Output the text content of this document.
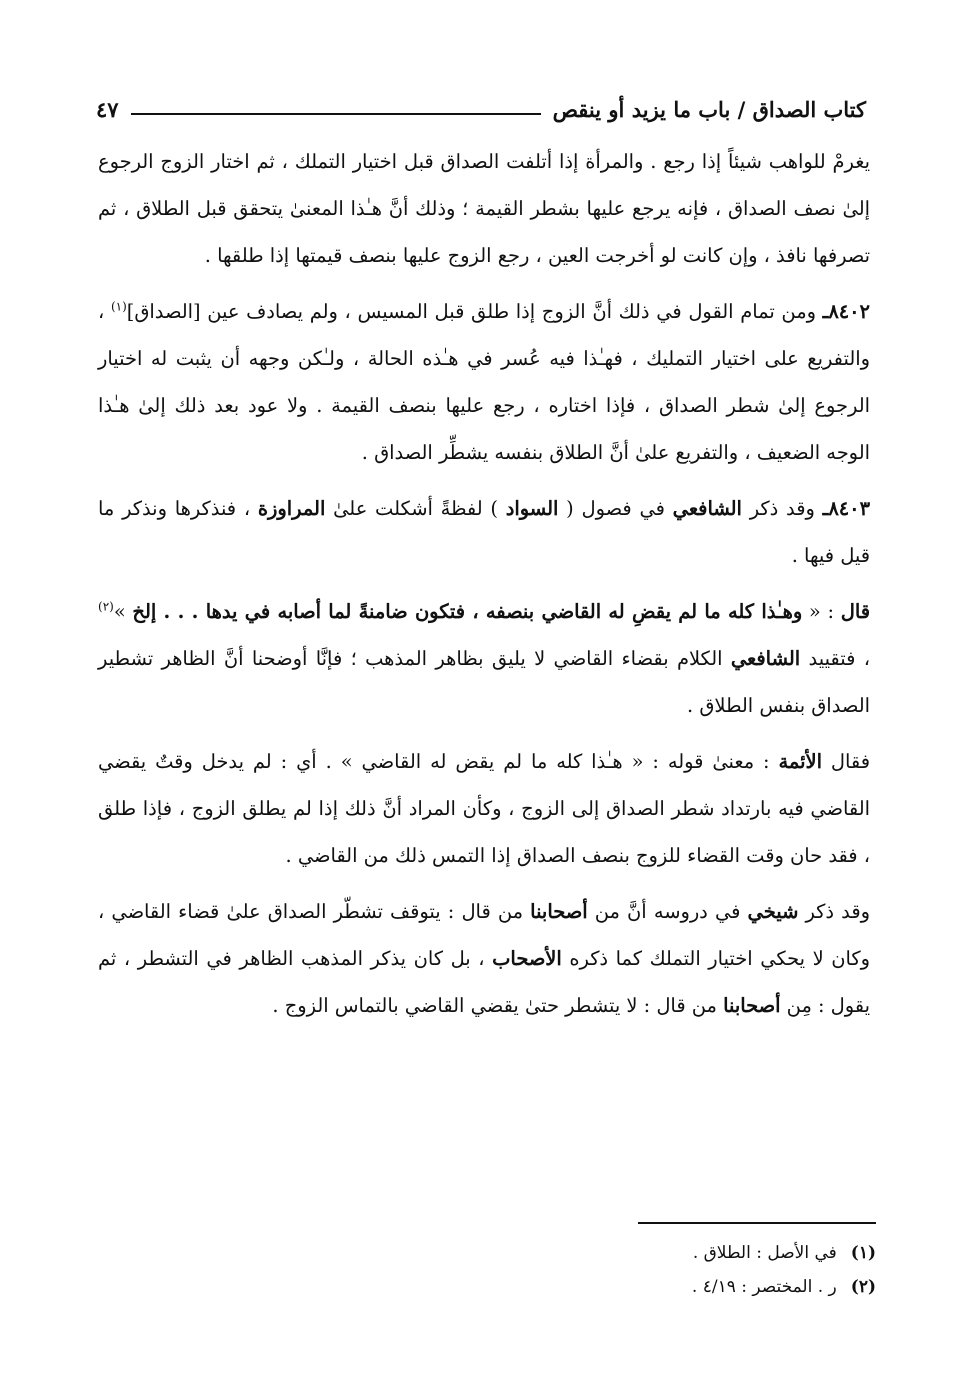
كتاب الصداق / باب ما يزيد أو ينقص
٤٧

يغرمْ للواهب شيئاً إذا رجع . والمرأة إذا أتلفت الصداق قبل اختيار التملك ، ثم اختار الزوج الرجوع إلىٰ نصف الصداق ، فإنه يرجع عليها بشطر القيمة ؛ وذلك أنَّ هـٰذا المعنىٰ يتحقق قبل الطلاق ، ثم تصرفها نافذ ، وإن كانت لو أخرجت العين ، رجع الزوج عليها بنصف قيمتها إذا طلقها .

٨٤٠٢ـ ومن تمام القول في ذلك أنَّ الزوج إذا طلق قبل المسيس ، ولم يصادف عين [الصداق]$^{(١)}$ ، والتفريع على اختيار التمليك ، فهـٰذا فيه عُسر في هـٰذه الحالة ، ولـٰكن وجهه أن يثبت له اختيار الرجوع إلىٰ شطر الصداق ، فإذا اختاره ، رجع عليها بنصف القيمة . ولا عود بعد ذلك إلىٰ هـٰذا الوجه الضعيف ، والتفريع علىٰ أنَّ الطلاق بنفسه يشطِّر الصداق .

٨٤٠٣ـ وقد ذكر الشافعي في فصول ( السواد ) لفظةً أشكلت علىٰ المراوزة ، فنذكرها ونذكر ما قيل فيها .

قال : « وهـٰذا كله ما لم يقضِ له القاضي بنصفه ، فتكون ضامنةً لما أصابه في يدها . . . إلخ »$^{(٢)}$ ، فتقييد الشافعي الكلام بقضاء القاضي لا يليق بظاهر المذهب ؛ فإنَّا أوضحنا أنَّ الظاهر تشطير الصداق بنفس الطلاق .

فقال الأئمة : معنىٰ قوله : « هـٰذا كله ما لم يقض له القاضي » . أي : لم يدخل وقتٌ يقضي القاضي فيه بارتداد شطر الصداق إلى الزوج ، وكأن المراد أنَّ ذلك إذا لم يطلق الزوج ، فإذا طلق ، فقد حان وقت القضاء للزوج بنصف الصداق إذا التمس ذلك من القاضي .

وقد ذكر شيخي في دروسه أنَّ من أصحابنا من قال : يتوقف تشطّر الصداق علىٰ قضاء القاضي ، وكان لا يحكي اختيار التملك كما ذكره الأصحاب ، بل كان يذكر المذهب الظاهر في التشطر ، ثم يقول : مِن أصحابنا من قال : لا يتشطر حتىٰ يقضي القاضي بالتماس الزوج .

(١)في الأصل : الطلاق .
(٢)ر . المختصر : ٤/١٩ .
